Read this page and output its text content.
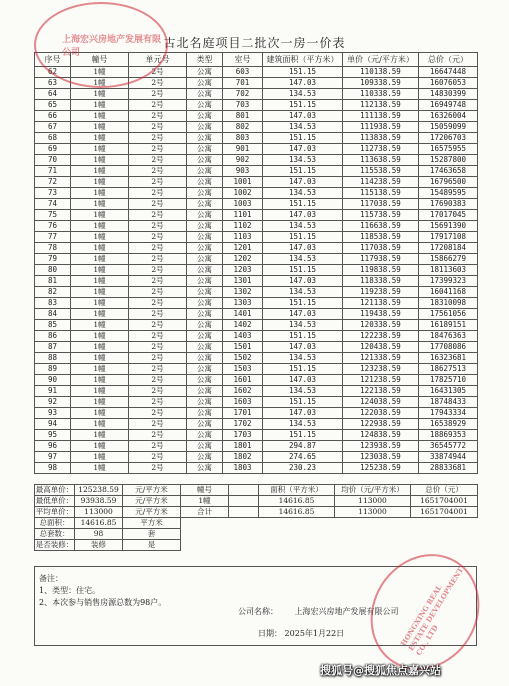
古北名庭项目二批次一房一价表
序号	幢号	单元号	类型	室号	建筑面积（平方米）	单价（元/平方米）	总价（元）
62	1幢	2号	公寓	603	151.15	110138.59	16647448
63	1幢	2号	公寓	701	147.03	109338.59	16076053
64	1幢	2号	公寓	702	134.53	110338.59	14830399
65	1幢	2号	公寓	703	151.15	112138.59	16949748
66	1幢	2号	公寓	801	147.03	111138.59	16326004
67	1幢	2号	公寓	802	134.53	111938.59	15059099
68	1幢	2号	公寓	803	151.15	113838.59	17206703
69	1幢	2号	公寓	901	147.03	112738.59	16575955
70	1幢	2号	公寓	902	134.53	113638.59	15287800
71	1幢	2号	公寓	903	151.15	115538.59	17463658
72	1幢	2号	公寓	1001	147.03	114238.59	16796500
73	1幢	2号	公寓	1002	134.53	115138.59	15489595
74	1幢	2号	公寓	1003	151.15	117038.59	17690383
75	1幢	2号	公寓	1101	147.03	115738.59	17017045
76	1幢	2号	公寓	1102	134.53	116638.59	15691390
77	1幢	2号	公寓	1103	151.15	118538.59	17917108
78	1幢	2号	公寓	1201	147.03	117038.59	17208184
79	1幢	2号	公寓	1202	134.53	117938.59	15866279
80	1幢	2号	公寓	1203	151.15	119838.59	18113603
81	1幢	2号	公寓	1301	147.03	118338.59	17399323
82	1幢	2号	公寓	1302	134.53	119238.59	16041168
83	1幢	2号	公寓	1303	151.15	121138.59	18310098
84	1幢	2号	公寓	1401	147.03	119438.59	17561056
85	1幢	2号	公寓	1402	134.53	120338.59	16189151
86	1幢	2号	公寓	1403	151.15	122238.59	18476363
87	1幢	2号	公寓	1501	147.03	120438.59	17708086
88	1幢	2号	公寓	1502	134.53	121338.59	16323681
89	1幢	2号	公寓	1503	151.15	123238.59	18627513
90	1幢	2号	公寓	1601	147.03	121238.59	17825710
91	1幢	2号	公寓	1602	134.53	122138.59	16431305
92	1幢	2号	公寓	1603	151.15	124038.59	18748433
93	1幢	2号	公寓	1701	147.03	122038.59	17943334
94	1幢	2号	公寓	1702	134.53	122938.59	16538929
95	1幢	2号	公寓	1703	151.15	124838.59	18869353
96	1幢	2号	公寓	1801	294.87	123938.59	36545772
97	1幢	2号	公寓	1802	274.65	123038.59	33874944
98	1幢	2号	公寓	1803	230.23	125238.59	28833681
最高单价：	125238.59	元/平方米	幢号		面积（平方米）	均价（元/平方米）	总价（元）
最低单价：	93938.59	元/平方米	1幢		14616.85	113000	1651704001
平均单价：	113000	元/平方米	合计		14616.85	113000	1651704001
总面积：	14616.85	平方米					
总套数：	98	套					
是否装修：	装修	是					
备注：
1、类型：住宅。
2、本次参与销售房源总数为98户。
公司名称： 上海宏兴房地产发展有限公司
日期： 2025年1月22日
上海宏兴房地产发展有限公司
HONGXING REAL ESTATE DEVELOPMENT CO., LTD
搜狐号@搜狐焦点嘉兴站
